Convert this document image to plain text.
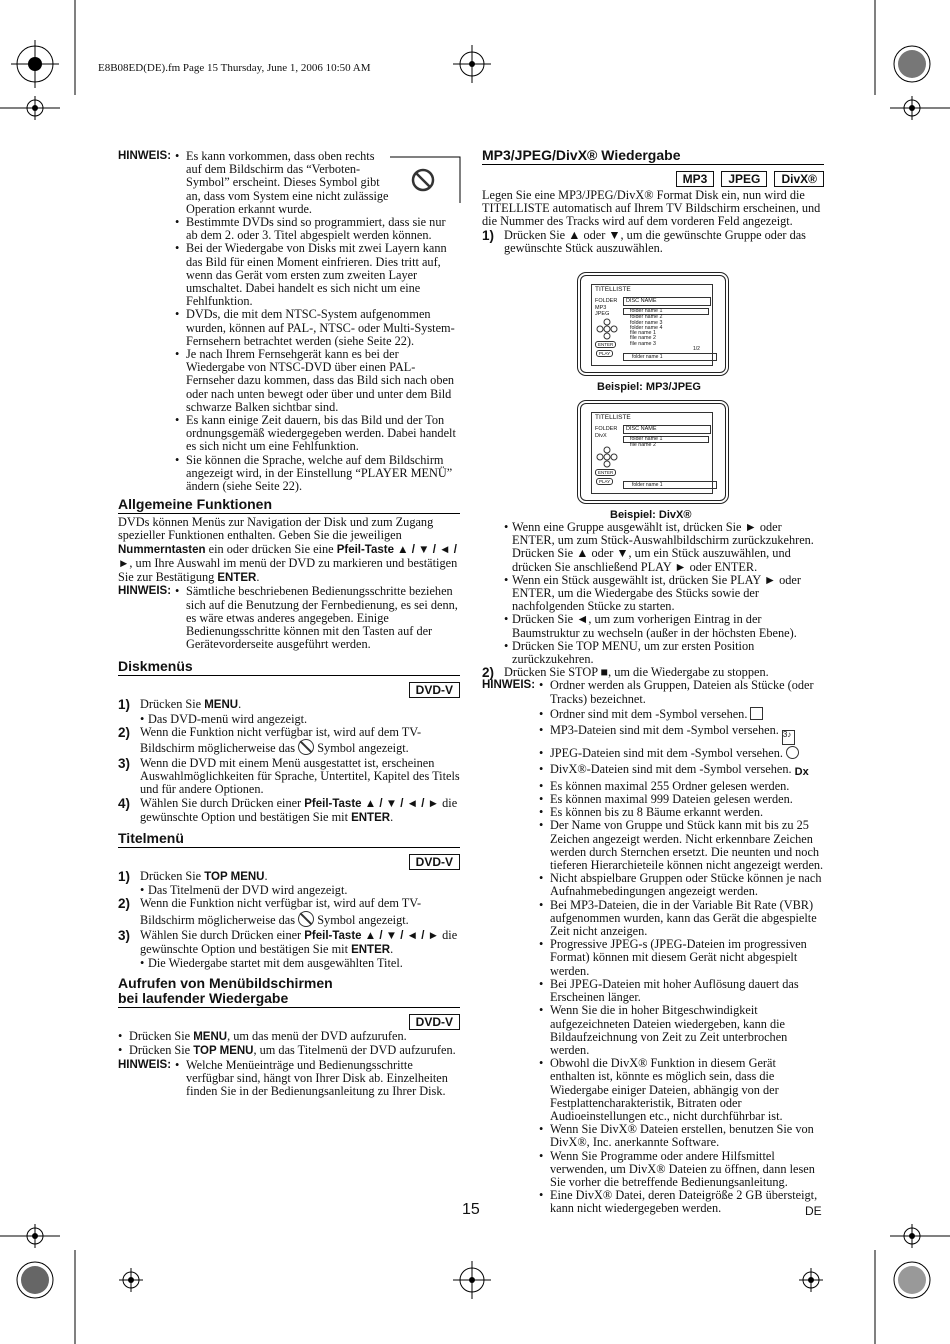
E8B08ED(DE).fm Page 15 Thursday, June 1, 2006 10:50 AM
HINWEIS:	• Es kann vorkommen, dass oben rechts auf dem Bildschirm das “Verboten-Symbol” erscheint. Dieses Symbol gibt an, dass vom System eine nicht zulässige Operation erkannt wurde.
• Bestimmte DVDs sind so programmiert, dass sie nur ab dem 2. oder 3. Titel abgespielt werden können.
• Bei der Wiedergabe von Disks mit zwei Layern kann das Bild für einen Moment einfrieren. Dies tritt auf, wenn das Gerät vom ersten zum zweiten Layer umschaltet. Dabei handelt es sich nicht um eine Fehlfunktion.
• DVDs, die mit dem NTSC-System aufgenommen wurden, können auf PAL-, NTSC- oder Multi-System-Fernsehern betrachtet werden (siehe Seite 22).
• Je nach Ihrem Fernsehgerät kann es bei der Wiedergabe von NTSC-DVD über einen PAL-Fernseher dazu kommen, dass das Bild sich nach oben oder nach unten bewegt oder über und unter dem Bild schwarze Balken sichtbar sind.
• Es kann einige Zeit dauern, bis das Bild und der Ton ordnungsgemäß wiedergegeben werden. Dabei handelt es sich nicht um eine Fehlfunktion.
• Sie können die Sprache, welche auf dem Bildschirm angezeigt wird, in der Einstellung “PLAYER MENÜ” ändern (siehe Seite 22).
Allgemeine Funktionen
DVDs können Menüs zur Navigation der Disk und zum Zugang spezieller Funktionen enthalten. Geben Sie die jeweiligen Nummerntasten ein oder drücken Sie eine Pfeil-Taste ▲ / ▼ / ◄ / ►, um Ihre Auswahl im menü der DVD zu markieren und bestätigen Sie zur Bestätigung ENTER.
HINWEIS:	• Sämtliche beschriebenen Bedienungsschritte beziehen sich auf die Benutzung der Fernbedienung, es sei denn, es wäre etwas anderes angegeben. Einige Bedienungsschritte können mit den Tasten auf der Gerätevorderseite ausgeführt werden.
Diskmenüs
DVD-V
1) Drücken Sie MENU.
• Das DVD-menü wird angezeigt.
2) Wenn die Funktion nicht verfügbar ist, wird auf dem TV-
Bildschirm möglicherweise das Symbol angezeigt.
3) Wenn die DVD mit einem Menü ausgestattet ist, erscheinen Auswahlmöglichkeiten für Sprache, Untertitel, Kapitel des Titels und für andere Optionen.
4) Wählen Sie durch Drücken einer Pfeil-Taste ▲ / ▼ / ◄ / ► die gewünschte Option und bestätigen Sie mit ENTER.
Titelmenü
DVD-V
1) Drücken Sie TOP MENU.
• Das Titelmenü der DVD wird angezeigt.
2) Wenn die Funktion nicht verfügbar ist, wird auf dem TV-
Bildschirm möglicherweise das Symbol angezeigt.
3) Wählen Sie durch Drücken einer Pfeil-Taste ▲ / ▼ / ◄ / ► die gewünschte Option und bestätigen Sie mit ENTER.
• Die Wiedergabe startet mit dem ausgewählten Titel.
Aufrufen von Menübildschirmen
bei laufender Wiedergabe
DVD-V
• Drücken Sie MENU, um das menü der DVD aufzurufen.
• Drücken Sie TOP MENU, um das Titelmenü der DVD aufzurufen.
HINWEIS:	• Welche Menüeinträge und Bedienungsschritte verfügbar sind, hängt von Ihrer Disk ab. Einzelheiten finden Sie in der Bedienungsanleitung zu Ihrer Disk.
MP3/JPEG/DivX® Wiedergabe
MP3 JPEG DivX®
Legen Sie eine MP3/JPEG/DivX® Format Disk ein, nun wird die TITELLISTE automatisch auf Ihrem TV Bildschirm erscheinen, und die Nummer des Tracks wird auf dem vorderen Feld angezeigt.
1) Drücken Sie ▲ oder ▼, um die gewünschte Gruppe oder das gewünschte Stück auszuwählen.
TITELLISTE
FOLDER
MP3
JPEG
DISC NAME
folder name 1
folder name 2
folder name 3
folder name 4
file name 1
file name 2
file name 3
ENTER
PLAY
1/2
folder name 1
Beispiel: MP3/JPEG
TITELLISTE
FOLDER
DivX
DISC NAME
folder name 1
file name 2
ENTER
PLAY
folder name 1
Beispiel: DivX®
• Wenn eine Gruppe ausgewählt ist, drücken Sie ► oder ENTER, um zum Stück-Auswahlbildschirm zurückzukehren. Drücken Sie ▲ oder ▼, um ein Stück auszuwählen, und drücken Sie anschließend PLAY ► oder ENTER.
• Wenn ein Stück ausgewählt ist, drücken Sie PLAY ► oder ENTER, um die Wiedergabe des Stücks sowie der nachfolgenden Stücke zu starten.
• Drücken Sie ◄, um zum vorherigen Eintrag in der Baumstruktur zu wechseln (außer in der höchsten Ebene).
• Drücken Sie TOP MENU, um zur ersten Position zurückzukehren.
2) Drücken Sie STOP ■, um die Wiedergabe zu stoppen.
HINWEIS:	• Ordner werden als Gruppen, Dateien als Stücke (oder Tracks) bezeichnet.
• Ordner sind mit dem -Symbol versehen.
• MP3-Dateien sind mit dem -Symbol versehen. 3♪
• JPEG-Dateien sind mit dem -Symbol versehen.
• DivX®-Dateien sind mit dem -Symbol versehen. Dx
• Es können maximal 255 Ordner gelesen werden.
• Es können maximal 999 Dateien gelesen werden.
• Es können bis zu 8 Bäume erkannt werden.
• Der Name von Gruppe und Stück kann mit bis zu 25 Zeichen angezeigt werden. Nicht erkennbare Zeichen werden durch Sternchen ersetzt. Die neunten und noch tieferen Hierarchieteile können nicht angezeigt werden.
• Nicht abspielbare Gruppen oder Stücke können je nach Aufnahmebedingungen angezeigt werden.
• Bei MP3-Dateien, die in der Variable Bit Rate (VBR) aufgenommen wurden, kann das Gerät die abgespielte Zeit nicht anzeigen.
• Progressive JPEG-s (JPEG-Dateien im progressiven Format) können mit diesem Gerät nicht abgespielt werden.
• Bei JPEG-Dateien mit hoher Auflösung dauert das Erscheinen länger.
• Wenn Sie die in hoher Bitgeschwindigkeit aufgezeichneten Dateien wiedergeben, kann die Bildaufzeichnung von Zeit zu Zeit unterbrochen werden.
• Obwohl die DivX® Funktion in diesem Gerät enthalten ist, könnte es möglich sein, dass die Wiedergabe einiger Dateien, abhängig von der Festplattencharakteristik, Bitraten oder Audioeinstellungen etc., nicht durchführbar ist.
• Wenn Sie DivX® Dateien erstellen, benutzen Sie von DivX®, Inc. anerkannte Software.
• Wenn Sie Programme oder andere Hilfsmittel verwenden, um DivX® Dateien zu öffnen, dann lesen Sie vorher die betreffende Bedienungsanleitung.
• Eine DivX® Datei, deren Dateigröße 2 GB übersteigt, kann nicht wiedergegeben werden.
15	DE
